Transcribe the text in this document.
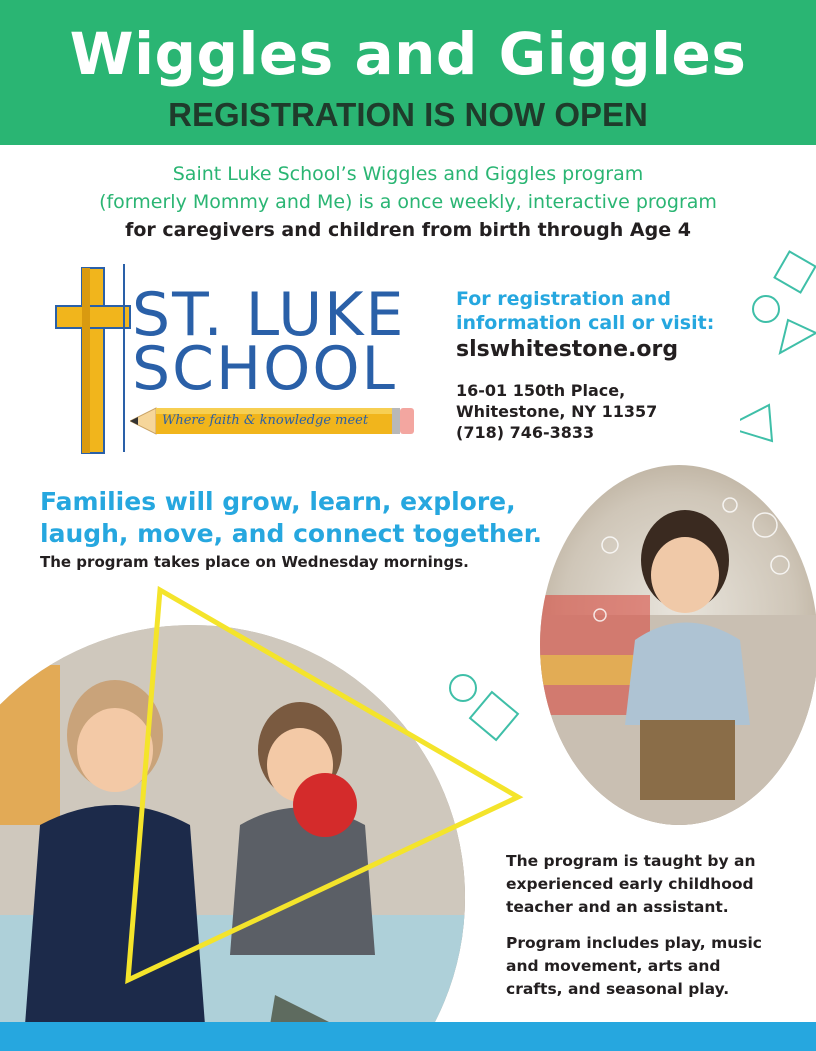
Wiggles and Giggles
REGISTRATION IS NOW OPEN
Saint Luke School’s Wiggles and Giggles program
(formerly Mommy and Me) is a once weekly, interactive program
for caregivers and children from birth through Age 4
ST. LUKE
SCHOOL
Where faith & knowledge meet
For registration and
information call or visit:
slswhitestone.org
16-01 150th Place,
Whitestone, NY 11357
(718) 746-3833
Families will grow, learn, explore,
laugh, move, and connect together.
The program takes place on Wednesday mornings.
The program is taught by an
experienced early childhood
teacher and an assistant.
Program includes play, music
and movement, arts and
crafts, and seasonal play.
